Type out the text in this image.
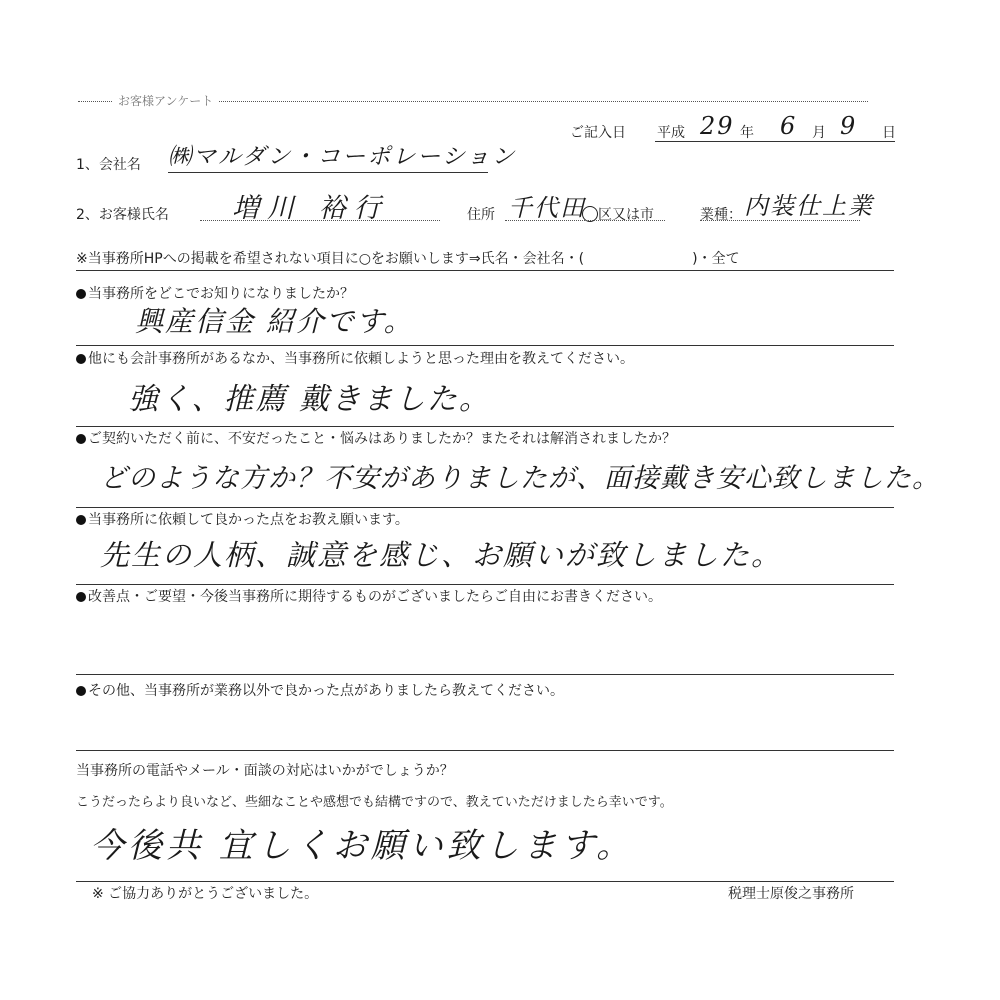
お客様アンケート
ご記入日 平成 29 年 6 月 9 日
1、会社名 ㈱マルダン・コーポレーション
2、お客様氏名 増川 裕行	住所 千代田 区又は市	業種： 内装仕上業
※当事務所HPへの掲載を希望されない項目に○をお願いします⇒氏名・会社名・(	)・全て
当事務所をどこでお知りになりましたか？
興産信金 紹介です。
他にも会計事務所があるなか、当事務所に依頼しようと思った理由を教えてください。
強く、推薦 戴きました。
ご契約いただく前に、不安だったこと・悩みはありましたか？またそれは解消されましたか？
どのような方か？不安がありましたが、面接戴き安心致しました。
当事務所に依頼して良かった点をお教え願います。
先生の人柄、誠意を感じ、お願いが致しました。
改善点・ご要望・今後当事務所に期待するものがございましたらご自由にお書きください。
その他、当事務所が業務以外で良かった点がありましたら教えてください。
当事務所の電話やメール・面談の対応はいかがでしょうか？
こうだったらより良いなど、些細なことや感想でも結構ですので、教えていただけましたら幸いです。
今後共 宜しくお願い致します。
※ ご協力ありがとうございました。	税理士原俊之事務所
